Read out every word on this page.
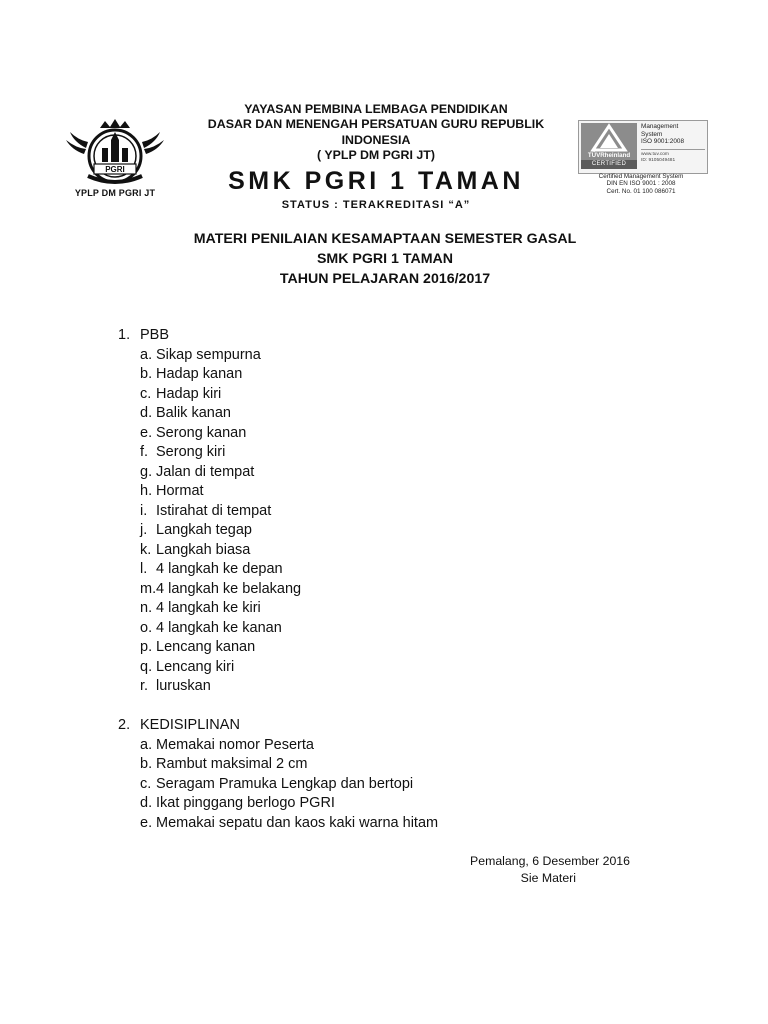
PGRI
YPLP DM PGRI JT
YAYASAN PEMBINA LEMBAGA PENDIDIKAN
DASAR DAN MENENGAH PERSATUAN GURU REPUBLIK
INDONESIA
( YPLP DM PGRI JT)
SMK PGRI 1 TAMAN
STATUS : TERAKREDITASI “A”
TÜVRheinland
CERTIFIED
Management
System
ISO 9001:2008
www.tuv.com
ID: 9105049481
Certified Management System
DIN EN ISO 9001 : 2008
Cert. No. 01 100 086071
MATERI PENILAIAN KESAMAPTAAN SEMESTER GASAL
SMK PGRI 1 TAMAN
TAHUN PELAJARAN 2016/2017
1. PBB
a. Sikap sempurna
b. Hadap kanan
c. Hadap kiri
d. Balik kanan
e. Serong kanan
f. Serong kiri
g. Jalan di tempat
h. Hormat
i. Istirahat di tempat
j. Langkah tegap
k. Langkah biasa
l. 4 langkah ke depan
m. 4 langkah ke belakang
n. 4 langkah ke kiri
o. 4 langkah ke kanan
p. Lencang kanan
q. Lencang kiri
r. luruskan
2. KEDISIPLINAN
a. Memakai nomor Peserta
b. Rambut maksimal 2 cm
c. Seragam Pramuka Lengkap dan bertopi
d. Ikat pinggang berlogo PGRI
e. Memakai sepatu dan kaos kaki warna hitam
Pemalang, 6 Desember 2016
Sie Materi
